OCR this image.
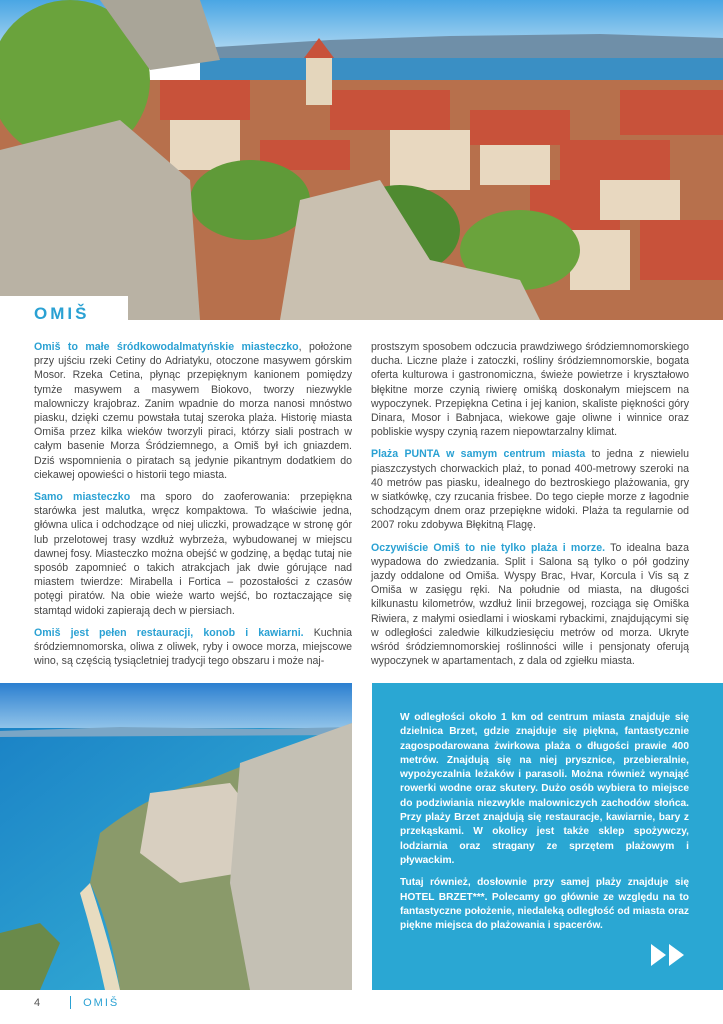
OMIŠ

Omiš to małe śródkowodalmatyńskie miasteczko, położone przy ujściu rzeki Cetiny do Adriatyku, otoczone masywem górskim Mosor. Rzeka Cetina, płynąc przepięknym kanionem pomiędzy tymże masywem a masywem Biokovo, tworzy niezwykle malowniczy krajobraz. Zanim wpadnie do morza nanosi mnóstwo piasku, dzięki czemu powstała tutaj szeroka plaża. Historię miasta Omiša przez kilka wieków tworzyli piraci, którzy siali postrach w całym basenie Morza Śródziemnego, a Omiš był ich gniazdem. Dziś wspomnienia o piratach są jedynie pikantnym dodatkiem do ciekawej opowieści o historii tego miasta.

Samo miasteczko ma sporo do zaoferowania: przepiękna starówka jest malutka, wręcz kompaktowa. To właściwie jedna, główna ulica i odchodzące od niej uliczki, prowadzące w stronę gór lub przelotowej trasy wzdłuż wybrzeża, wybudowanej w miejscu dawnej fosy. Miasteczko można obejść w godzinę, a będąc tutaj nie sposób zapomnieć o takich atrakcjach jak dwie górujące nad miastem twierdze: Mirabella i Fortica – pozostałości z czasów potęgi piratów. Na obie wieże warto wejść, bo roztaczające się stamtąd widoki zapierają dech w piersiach.

Omiš jest pełen restauracji, konob i kawiarni. Kuchnia śródziemnomorska, oliwa z oliwek, ryby i owoce morza, miejscowe wino, są częścią tysiącletniej tradycji tego obszaru i może naj-

prostszym sposobem odczucia prawdziwego śródziemnomorskiego ducha. Liczne plaże i zatoczki, rośliny śródziemnomorskie, bogata oferta kulturowa i gastronomiczna, świeże powietrze i kryształowo błękitne morze czynią riwierę omiśką doskonałym miejscem na wypoczynek. Przepiękna Cetina i jej kanion, skaliste piękności góry Dinara, Mosor i Babnjaca, wiekowe gaje oliwne i winnice oraz pobliskie wyspy czynią razem niepowtarzalny klimat.

Plaża PUNTA w samym centrum miasta to jedna z niewielu piaszczystych chorwackich plaż, to ponad 400-metrowy szeroki na 40 metrów pas piasku, idealnego do beztroskiego plażowania, gry w siatkówkę, czy rzucania frisbee. Do tego ciepłe morze z łagodnie schodzącym dnem oraz przepiękne widoki. Plaża ta regularnie od 2007 roku zdobywa Błękitną Flagę.

Oczywiście Omiš to nie tylko plaża i morze. To idealna baza wypadowa do zwiedzania. Split i Salona są tylko o pół godziny jazdy oddalone od Omiša. Wyspy Brac, Hvar, Korcula i Vis są z Omiša w zasięgu ręki. Na południe od miasta, na długości kilkunastu kilometrów, wzdłuż linii brzegowej, rozciąga się Omiška Riwiera, z małymi osiedlami i wioskami rybackimi, znajdującymi się w odległości zaledwie kilkudziesięciu metrów od morza. Ukryte wśród śródziemnomorskiej roślinności wille i pensjonaty oferują wypoczynek w apartamentach, z dala od zgiełku miasta.

W odległości około 1 km od centrum miasta znajduje się dzielnica Brzet, gdzie znajduje się piękna, fantastycznie zagospodarowana żwirkowa plaża o długości prawie 400 metrów. Znajdują się na niej prysznice, przebieralnie, wypożyczalnia leżaków i parasoli. Można również wynająć rowerki wodne oraz skutery. Dużo osób wybiera to miejsce do podziwiania niezwykle malowniczych zachodów słońca. Przy plaży Brzet znajdują się restauracje, kawiarnie, bary z przekąskami. W okolicy jest także sklep spożywczy, lodziarnia oraz stragany ze sprzętem plażowym i pływackim.

Tutaj również, dosłownie przy samej plaży znajduje się HOTEL BRZET***. Polecamy go głównie ze względu na to fantastyczne położenie, niedaleką odległość od miasta oraz piękne miejsca do plażowania i spacerów.

4	OMIŠ
